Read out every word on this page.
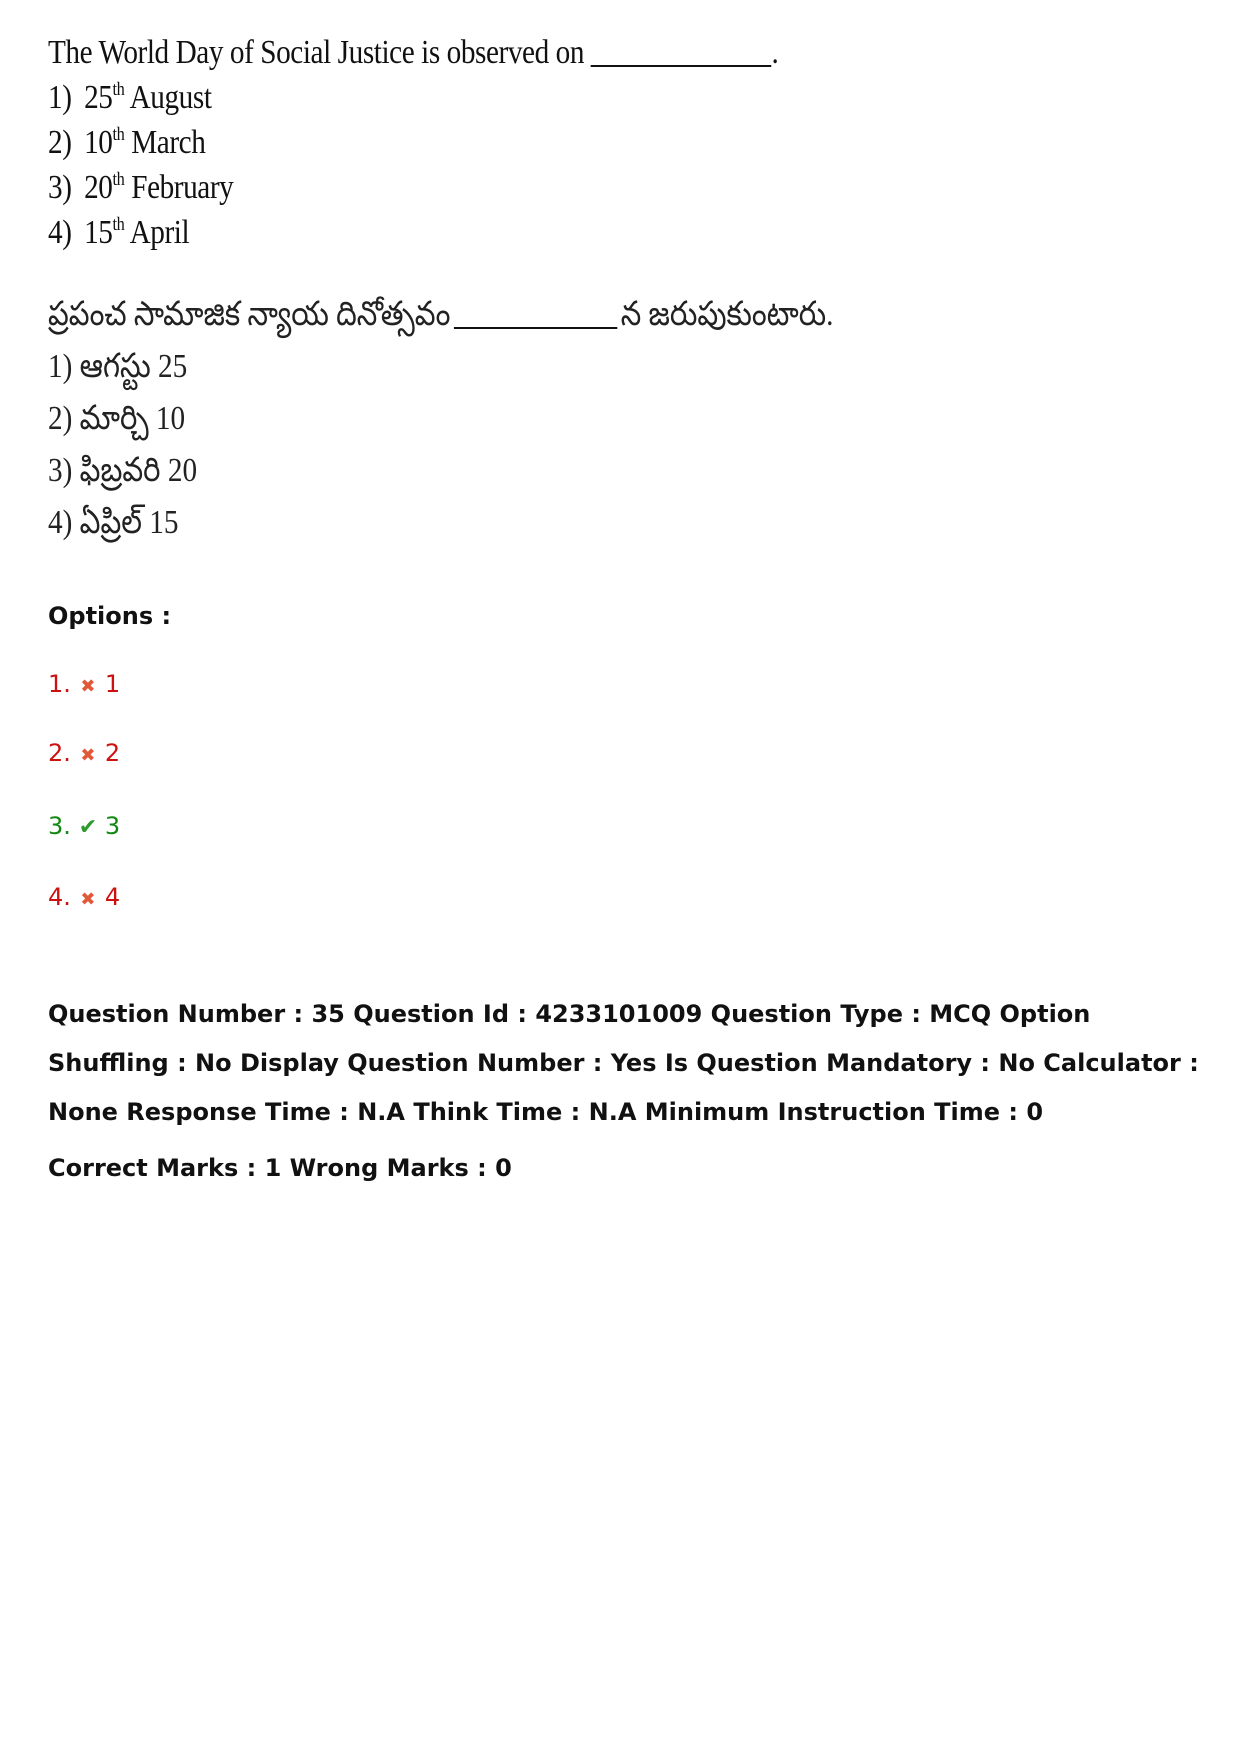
The World Day of Social Justice is observed on	.
1) 25th August
2) 10th March
3) 20th February
4) 15th April
ప్రపంచ సామాజిక న్యాయ దినోత్సవం	న జరుపుకుంటారు.
1) ఆగస్టు 25
2) మార్చి 10
3) ఫిబ్రవరి 20
4) ఏప్రిల్ 15
Options :
1. ✖ 1
2. ✖ 2
3. ✔ 3
4. ✖ 4
Question Number : 35 Question Id : 4233101009 Question Type : MCQ Option Shuffling : No Display Question Number : Yes Is Question Mandatory : No Calculator : None Response Time : N.A Think Time : N.A Minimum Instruction Time : 0
Correct Marks : 1 Wrong Marks : 0
